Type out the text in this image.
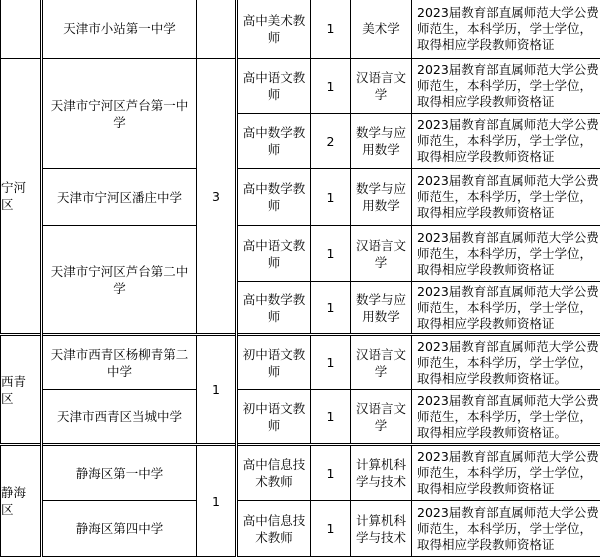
	天津市小站第一中学		高中美术教师	1	美术学	2023届教育部直属师范大学公费师范生，本科学历，学士学位，取得相应学段教师资格证
宁河区	天津市宁河区芦台第一中学	3	高中语文教师	1	汉语言文学	2023届教育部直属师范大学公费师范生，本科学历，学士学位，取得相应学段教师资格证
			高中数学教师	2	数学与应用数学	2023届教育部直属师范大学公费师范生，本科学历，学士学位，取得相应学段教师资格证
	天津市宁河区潘庄中学		高中数学教师	1	数学与应用数学	2023届教育部直属师范大学公费师范生，本科学历，学士学位，取得相应学段教师资格证
	天津市宁河区芦台第二中学		高中语文教师	1	汉语言文学	2023届教育部直属师范大学公费师范生，本科学历，学士学位，取得相应学段教师资格证
			高中数学教师	1	数学与应用数学	2023届教育部直属师范大学公费师范生，本科学历，学士学位，取得相应学段教师资格证
西青区	天津市西青区杨柳青第二中学	1	初中语文教师	1	汉语言文学	2023届教育部直属师范大学公费师范生，本科学历，学士学位，取得相应学段教师资格证。
	天津市西青区当城中学		初中语文教师	1	汉语言文学	2023届教育部直属师范大学公费师范生，本科学历，学士学位，取得相应学段教师资格证。
静海区	静海区第一中学	1	高中信息技术教师	1	计算机科学与技术	2023届教育部直属师范大学公费师范生，本科学历，学士学位，取得相应学段教师资格证
	静海区第四中学		高中信息技术教师	1	计算机科学与技术	2023届教育部直属师范大学公费师范生，本科学历，学士学位，取得相应学段教师资格证
